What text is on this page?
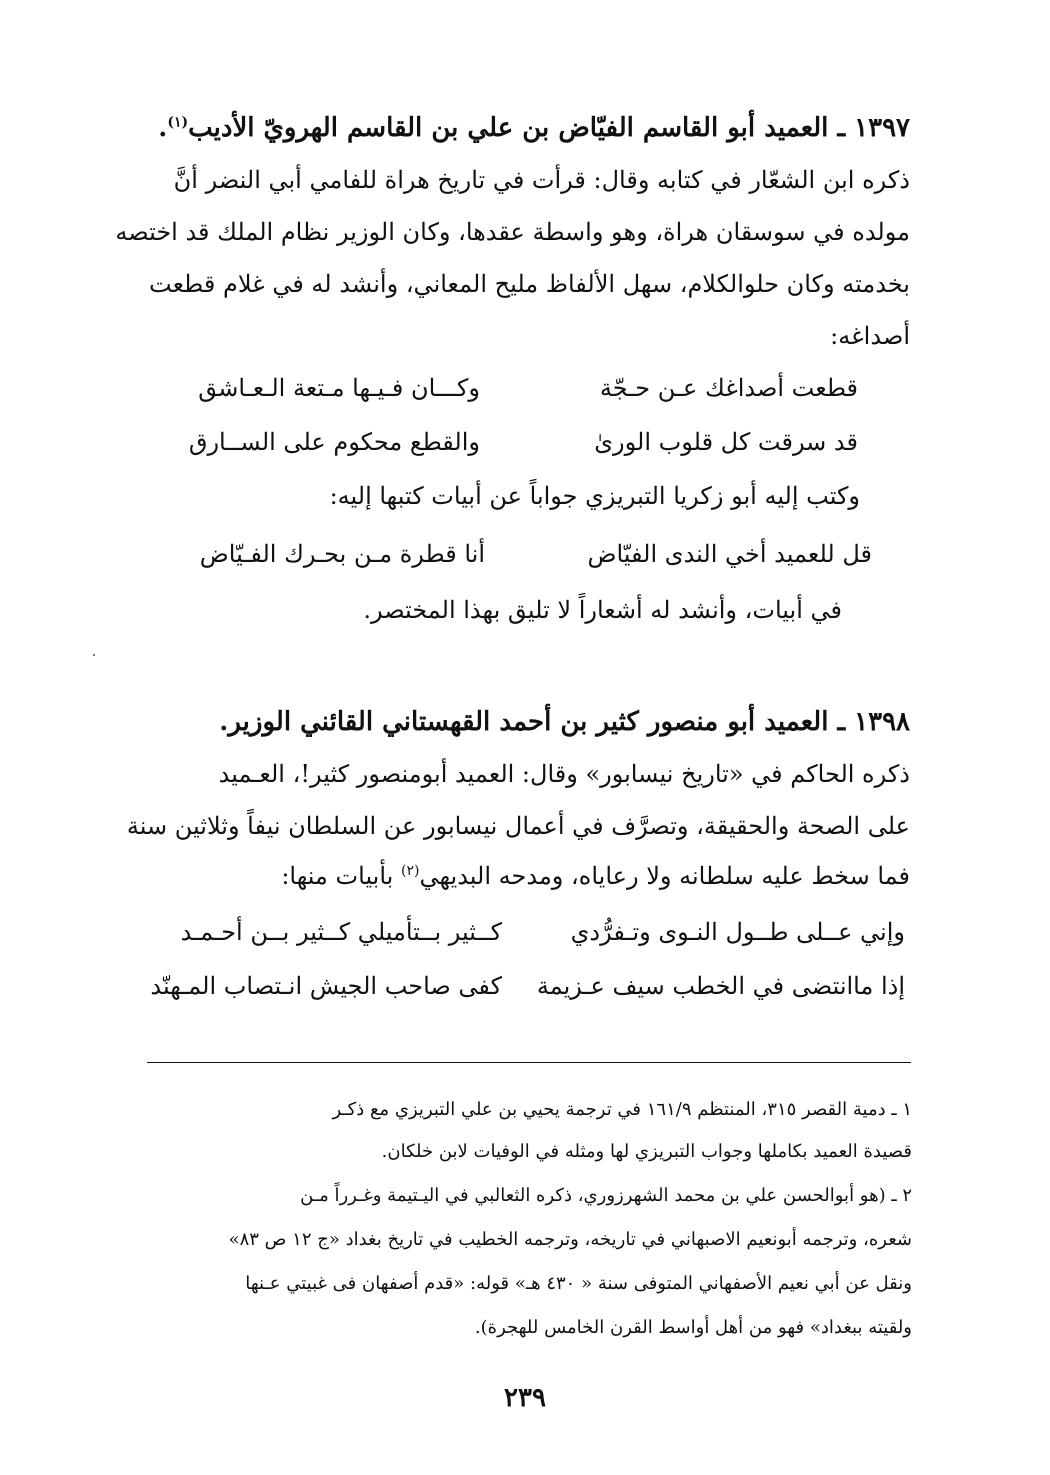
١٣٩٧ ـ العميد أبو القاسم الفيّاض بن علي بن القاسم الهرويّ الأديب$^{(١)}$.
ذكره ابن الشعّار في كتابه وقال: قرأت في تاريخ هراة للفامي أبي النضر أنَّ
مولده في سوسقان هراة، وهو واسطة عقدها، وكان الوزير نظام الملك قد اختصه
بخدمته وكان حلوالكلام، سهل الألفاظ مليح المعاني، وأنشد له في غلام قطعت
أصداغه:
قطعت أصداغك عـن حـجّة
وكـــان فـيـها مـتعة الـعـاشق
قد سرقت كل قلوب الورىٰ
والقطع محكوم على الســارق
وكتب إليه أبو زكريا التبريزي جواباً عن أبيات كتبها إليه:
قل للعميد أخي الندى الفيّاض
أنا قطرة مـن بحـرك الفـيّاض
في أبيات، وأنشد له أشعاراً لا تليق بهذا المختصر.
١٣٩٨ ـ العميد أبو منصور كثير بن أحمد القهستاني القائني الوزير.
ذكره الحاكم في «تاريخ نيسابور» وقال: العميد أبومنصور كثير!، العـميد
على الصحة والحقيقة، وتصرَّف في أعمال نيسابور عن السلطان نيفاً وثلاثين سنة
فما سخط عليه سلطانه ولا رعاياه، ومدحه البديهي$^{(٢)}$ بأبيات منها:
وإني عــلى طــول النـوى وتـفرُّدي
كــثير بــتأميلي كــثير بــن أحـمـد
إذا ماانتضى في الخطب سيف عـزيمة
كفى صاحب الجيش انـتصاب المـهنّد
١ ـ دمية القصر ٣١٥، المنتظم ١٦١/٩ في ترجمة يحيي بن علي التبريزي مع ذكـر
قصيدة العميد بكاملها وجواب التبريزي لها ومثله في الوفيات لابن خلكان.
٢ ـ (هو أبوالحسن علي بن محمد الشهرزوري، ذكره الثعالبي في اليـتيمة وغـرراً مـن
شعره، وترجمه أبونعيم الاصبهاني في تاريخه، وترجمه الخطيب في تاريخ بغداد «ج ١٢ ص ٨٣»
ونقل عن أبي نعيم الأصفهاني المتوفى سنة « ٤٣٠ هـ» قوله: «قدم أصفهان فى غبيتي عـنها
ولقيته ببغداد» فهو من أهل أواسط القرن الخامس للهجرة).
٢٣٩
